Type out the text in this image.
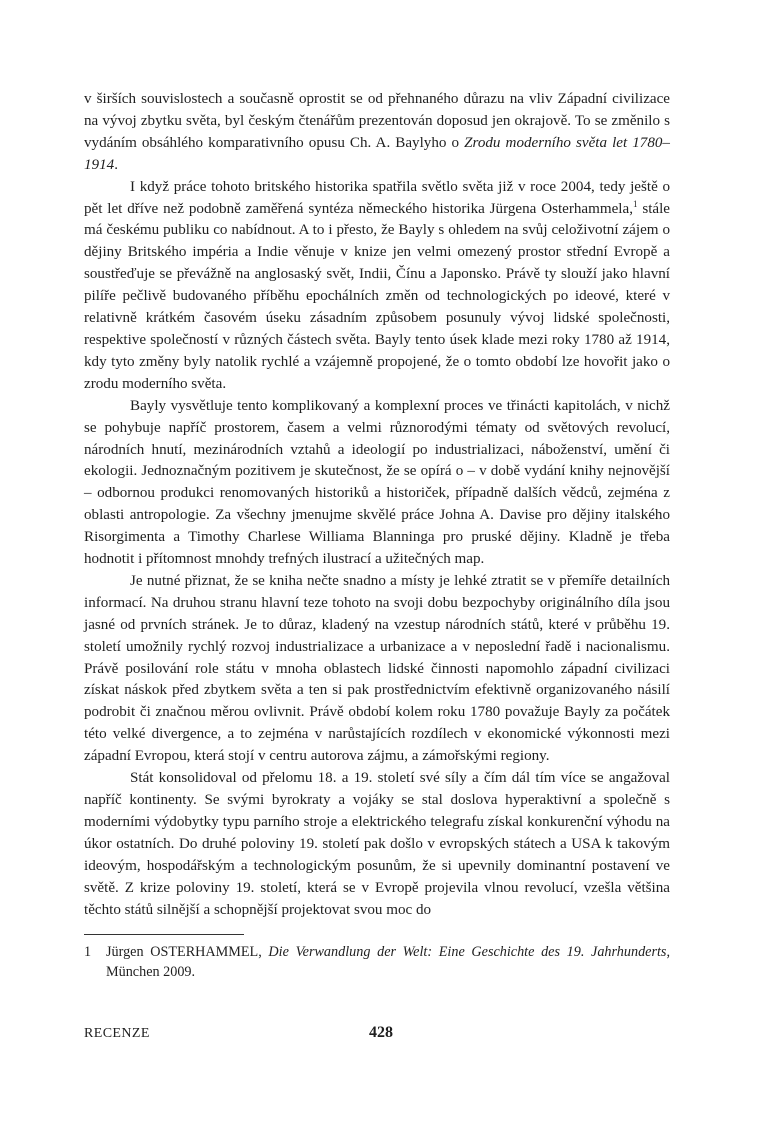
v širších souvislostech a současně oprostit se od přehnaného důrazu na vliv Západní civilizace na vývoj zbytku světa, byl českým čtenářům prezentován doposud jen okrajově. To se změnilo s vydáním obsáhlého komparativního opusu Ch. A. Baylyho o Zrodu moderního světa let 1780–1914.

I když práce tohoto britského historika spatřila světlo světa již v roce 2004, tedy ještě o pět let dříve než podobně zaměřená syntéza německého historika Jürgena Osterhammela,$^1$ stále má českému publiku co nabídnout. A to i přesto, že Bayly s ohledem na svůj celoživotní zájem o dějiny Britského impéria a Indie věnuje v knize jen velmi omezený prostor střední Evropě a soustřeďuje se převážně na anglosaský svět, Indii, Čínu a Japonsko. Právě ty slouží jako hlavní pilíře pečlivě budovaného příběhu epochálních změn od technologických po ideové, které v relativně krátkém časovém úseku zásadním způsobem posunuly vývoj lidské společnosti, respektive společností v různých částech světa. Bayly tento úsek klade mezi roky 1780 až 1914, kdy tyto změny byly natolik rychlé a vzájemně propojené, že o tomto období lze hovořit jako o zrodu moderního světa.

Bayly vysvětluje tento komplikovaný a komplexní proces ve třinácti kapitolách, v nichž se pohybuje napříč prostorem, časem a velmi různorodými tématy od světových revolucí, národních hnutí, mezinárodních vztahů a ideologií po industrializaci, náboženství, umění či ekologii. Jednoznačným pozitivem je skutečnost, že se opírá o – v době vydání knihy nejnovější – odbornou produkci renomovaných historiků a historiček, případně dalších vědců, zejména z oblasti antropologie. Za všechny jmenujme skvělé práce Johna A. Davise pro dějiny italského Risorgimenta a Timothy Charlese Williama Blanninga pro pruské dějiny. Kladně je třeba hodnotit i přítomnost mnohdy trefných ilustrací a užitečných map.

Je nutné přiznat, že se kniha nečte snadno a místy je lehké ztratit se v přemíře detailních informací. Na druhou stranu hlavní teze tohoto na svoji dobu bezpochyby originálního díla jsou jasné od prvních stránek. Je to důraz, kladený na vzestup národních států, které v průběhu 19. století umožnily rychlý rozvoj industrializace a urbanizace a v neposlední řadě i nacionalismu. Právě posilování role státu v mnoha oblastech lidské činnosti napomohlo západní civilizaci získat náskok před zbytkem světa a ten si pak prostřednictvím efektivně organizovaného násilí podrobit či značnou měrou ovlivnit. Právě období kolem roku 1780 považuje Bayly za počátek této velké divergence, a to zejména v narůstajících rozdílech v ekonomické výkonnosti mezi západní Evropou, která stojí v centru autorova zájmu, a zámořskými regiony.

Stát konsolidoval od přelomu 18. a 19. století své síly a čím dál tím více se angažoval napříč kontinenty. Se svými byrokraty a vojáky se stal doslova hyperaktivní a společně s moderními výdobytky typu parního stroje a elektrického telegrafu získal konkurenční výhodu na úkor ostatních. Do druhé poloviny 19. století pak došlo v evropských státech a USA k takovým ideovým, hospodářským a technologickým posunům, že si upevnily dominantní postavení ve světě. Z krize poloviny 19. století, která se v Evropě projevila vlnou revolucí, vzešla většina těchto států silnější a schopnější projektovat svou moc do

1	Jürgen OSTERHAMMEL, Die Verwandlung der Welt: Eine Geschichte des 19. Jahrhunderts, München 2009.
RECENZE	428
